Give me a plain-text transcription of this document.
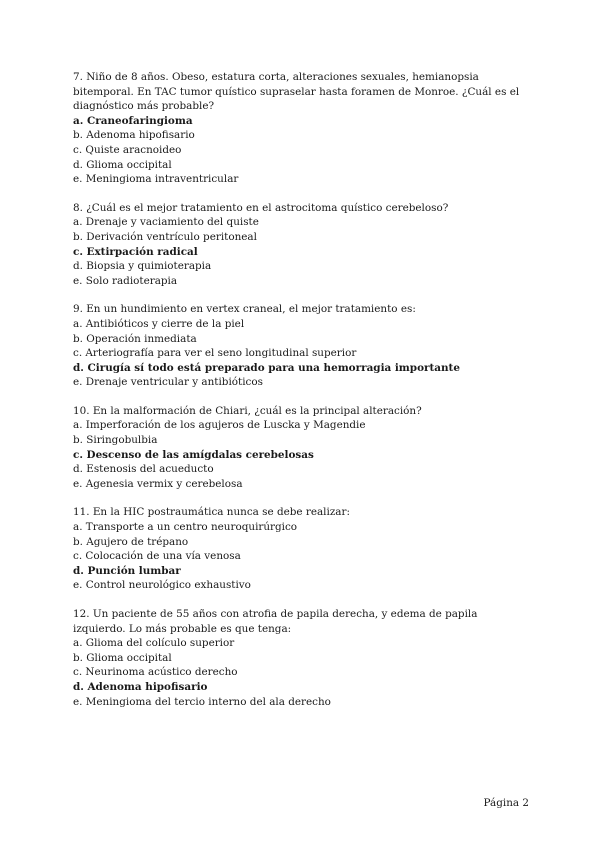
7. Niño de 8 años. Obeso, estatura corta, alteraciones sexuales, hemianopsia bitemporal. En TAC tumor quístico supraselar hasta foramen de Monroe. ¿Cuál es el diagnóstico más probable?

a. Craneofaringioma

b. Adenoma hipofisario

c. Quiste aracnoideo

d. Glioma occipital

e. Meningioma intraventricular

8. ¿Cuál es el mejor tratamiento en el astrocitoma quístico cerebeloso?

a. Drenaje y vaciamiento del quiste

b. Derivación ventrículo peritoneal

c. Extirpación radical

d. Biopsia y quimioterapia

e. Solo radioterapia

9. En un hundimiento en vertex craneal, el mejor tratamiento es:

a. Antibióticos y cierre de la piel

b. Operación inmediata

c. Arteriografía para ver el seno longitudinal superior

d. Cirugía sí todo está preparado para una hemorragia importante

e. Drenaje ventricular y antibióticos

10. En la malformación de Chiari, ¿cuál es la principal alteración?

a. Imperforación de los agujeros de Luscka y Magendie

b. Siringobulbia

c. Descenso de las amígdalas cerebelosas

d. Estenosis del acueducto

e. Agenesia vermix y cerebelosa

11. En la HIC postraumática nunca se debe realizar:

a. Transporte a un centro neuroquirúrgico

b. Agujero de trépano

c. Colocación de una vía venosa

d. Punción lumbar

e. Control neurológico exhaustivo

12. Un paciente de 55 años con atrofia de papila derecha, y edema de papila izquierdo. Lo más probable es que tenga:

a. Glioma del colículo superior

b. Glioma occipital

c. Neurinoma acústico derecho

d. Adenoma hipofisario

e. Meningioma del tercio interno del ala derecho

Página 2
